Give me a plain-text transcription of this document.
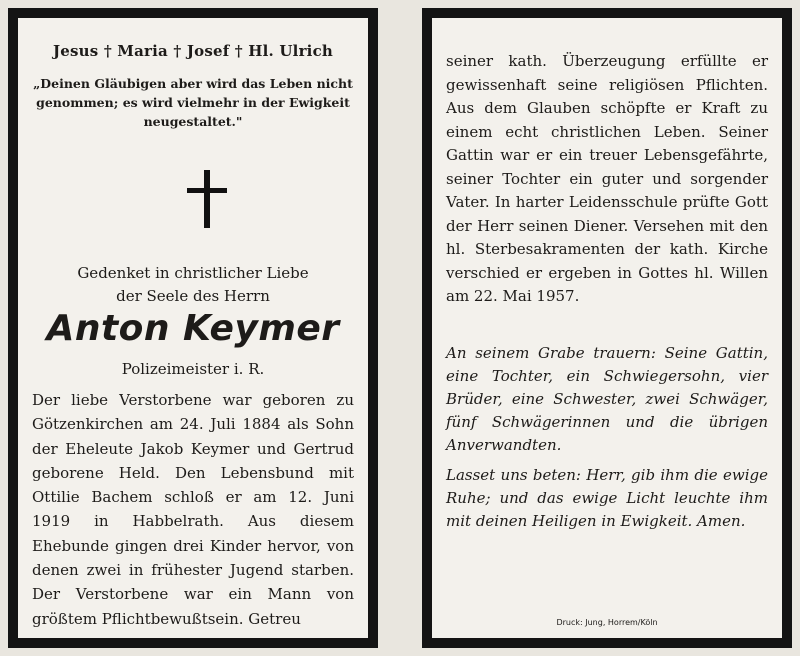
Jesus † Maria † Josef † Hl. Ulrich
„Deinen Gläubigen aber wird das Leben nicht genommen; es wird vielmehr in der Ewigkeit neugestaltet."
Gedenket in christlicher Liebe
der Seele des Herrn
Anton Keymer
Polizeimeister i. R.
Der liebe Verstorbene war geboren zu Götzenkirchen am 24. Juli 1884 als Sohn der Eheleute Jakob Keymer und Gertrud geborene Held. Den Lebensbund mit Ottilie Bachem schloß er am 12. Juni 1919 in Habbelrath. Aus diesem Ehebunde gingen drei Kinder hervor, von denen zwei in frühester Jugend starben. Der Verstorbene war ein Mann von größtem Pflichtbewußtsein. Getreu
seiner kath. Überzeugung erfüllte er gewissenhaft seine religiösen Pflichten. Aus dem Glauben schöpfte er Kraft zu einem echt christlichen Leben. Seiner Gattin war er ein treuer Lebensgefährte, seiner Tochter ein guter und sorgender Vater. In harter Leidensschule prüfte Gott der Herr seinen Diener. Versehen mit den hl. Sterbesakramenten der kath. Kirche verschied er ergeben in Gottes hl. Willen am 22. Mai 1957.
An seinem Grabe trauern: Seine Gattin, eine Tochter, ein Schwiegersohn, vier Brüder, eine Schwester, zwei Schwäger, fünf Schwägerinnen und die übrigen Anverwandten.
Lasset uns beten: Herr, gib ihm die ewige Ruhe; und das ewige Licht leuchte ihm mit deinen Heiligen in Ewigkeit. Amen.
Druck: Jung, Horrem/Köln
